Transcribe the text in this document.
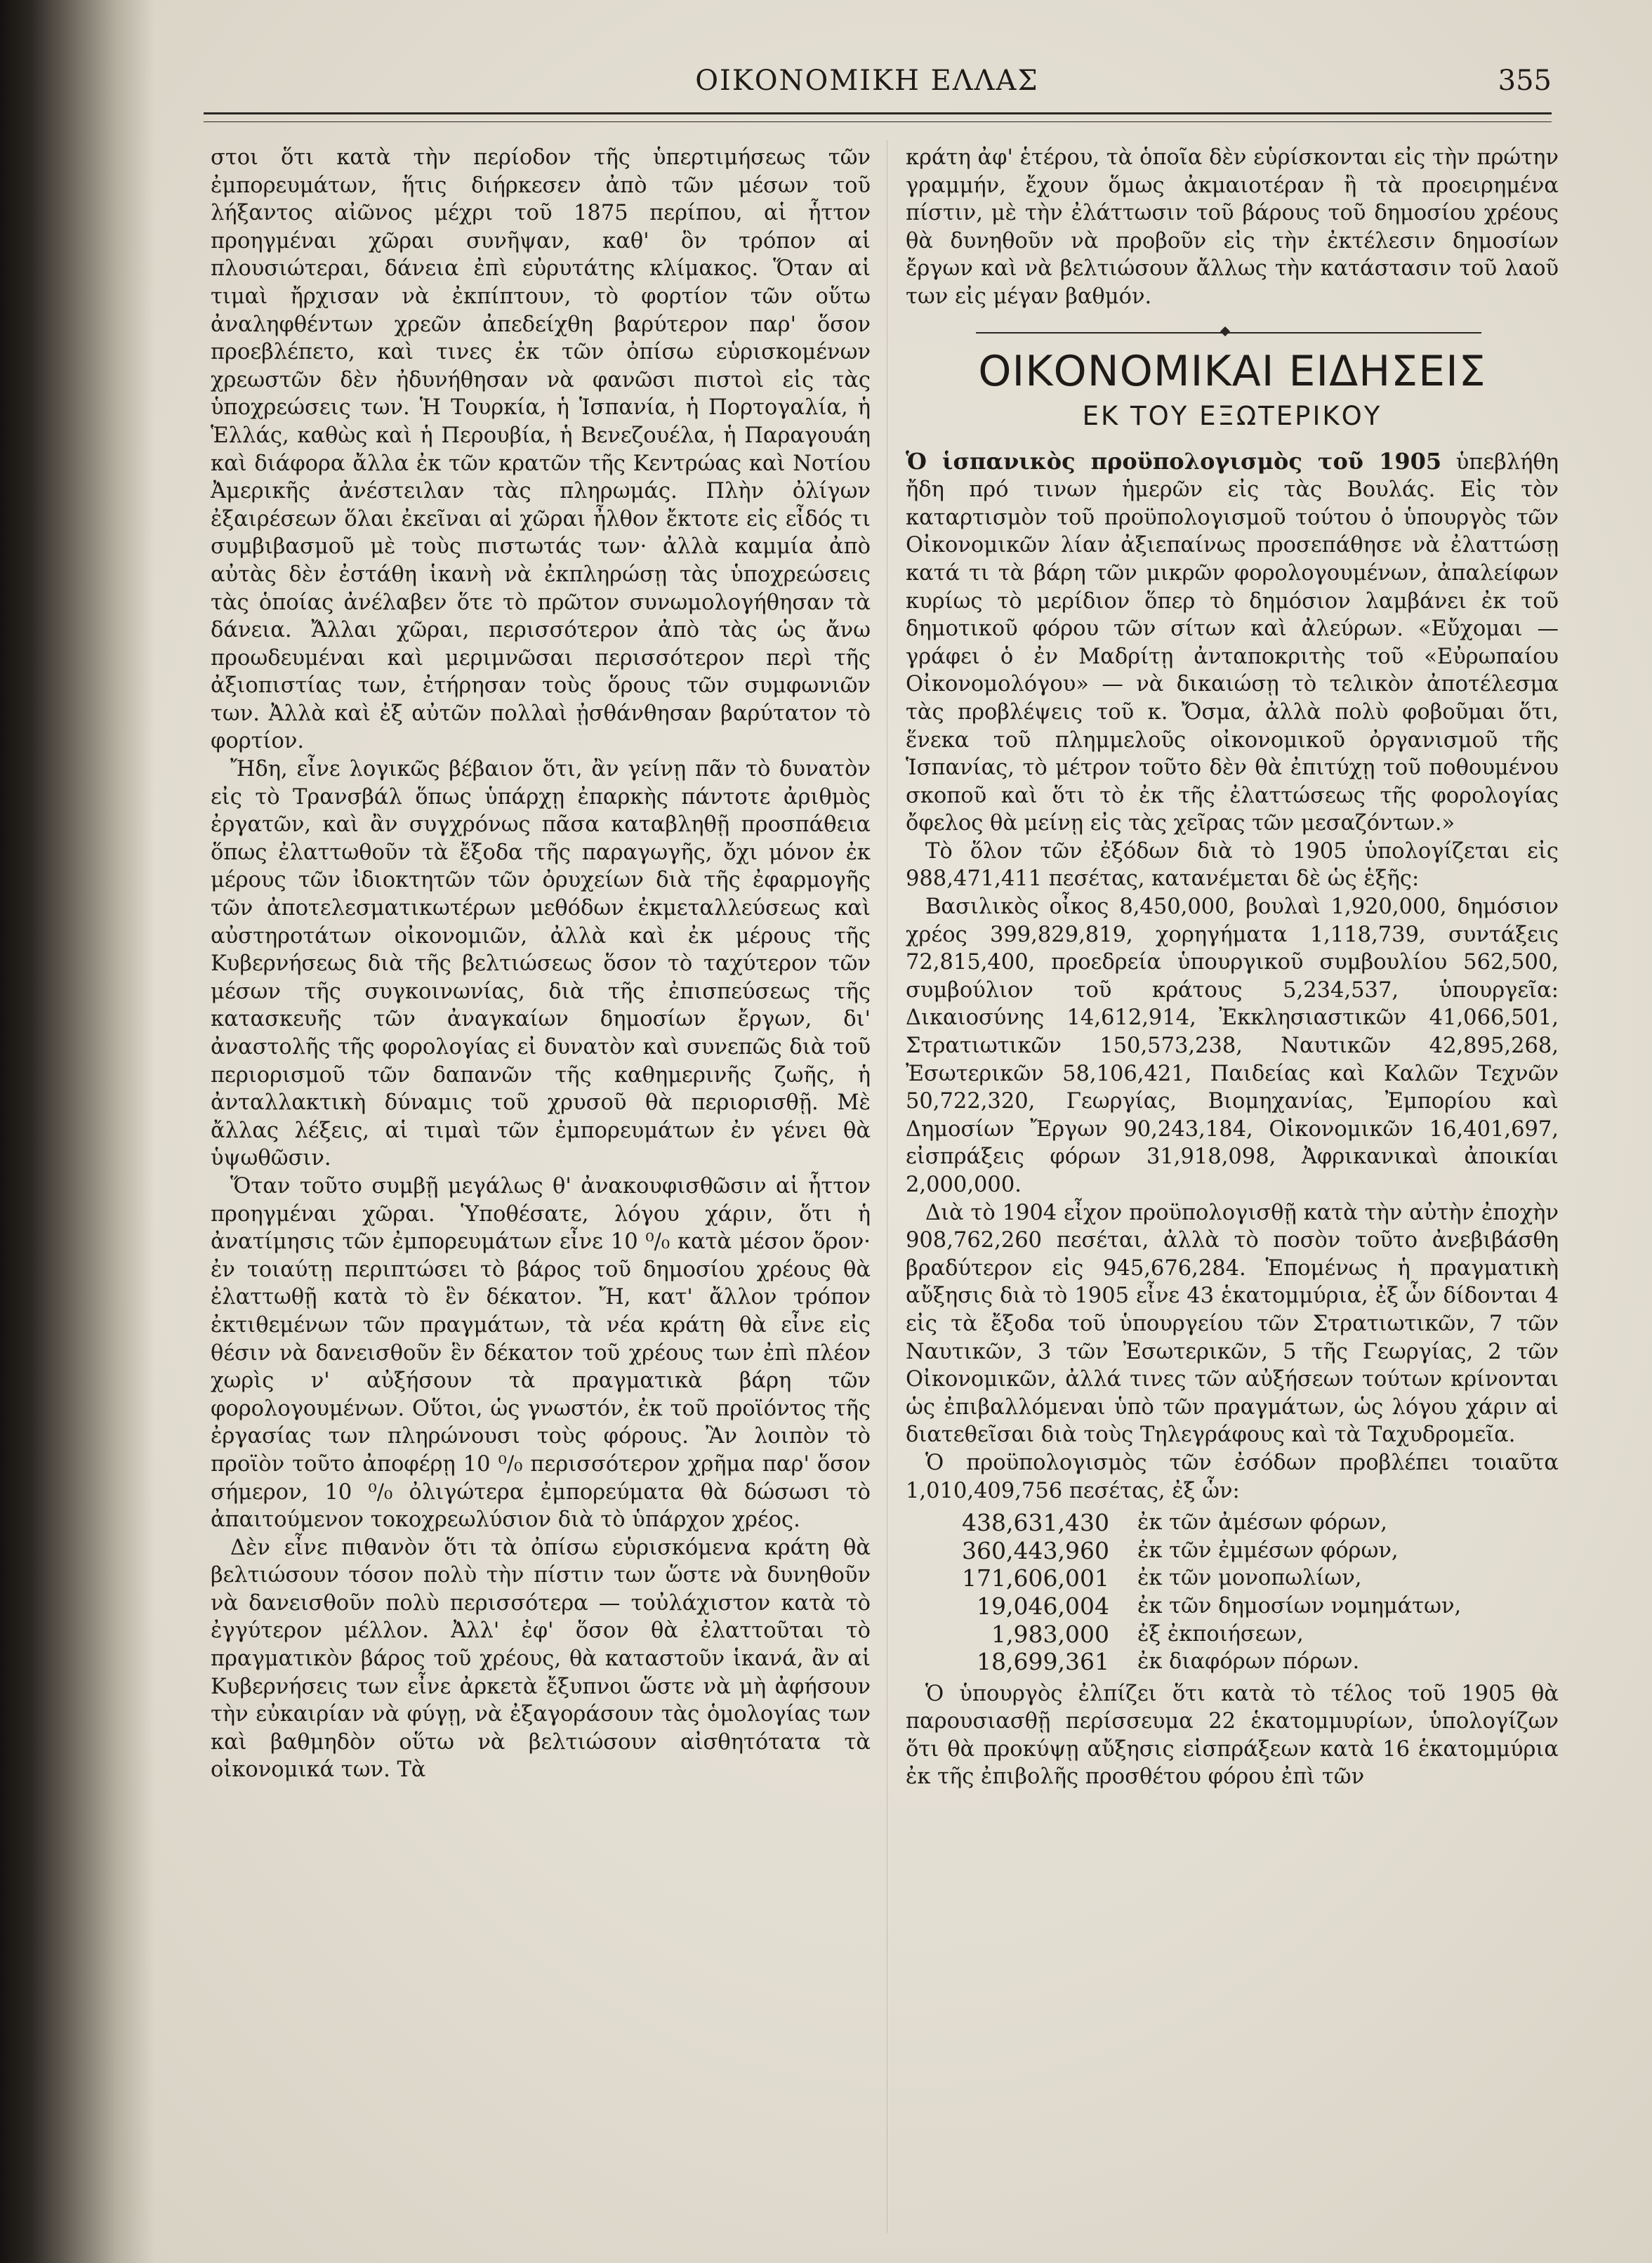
ΟΙΚΟΝΟΜΙΚΗ ΕΛΛΑΣ	355

στοι ὅτι κατὰ τὴν περίοδον τῆς ὑπερτιμήσεως τῶν ἐμπορευμάτων, ἥτις διήρκεσεν ἀπὸ τῶν μέσων τοῦ λήξαντος αἰῶνος μέχρι τοῦ 1875 περίπου, αἱ ἧττον προηγμέναι χῶραι συνῆψαν, καθ' ὃν τρόπον αἱ πλουσιώτεραι, δάνεια ἐπὶ εὐρυτάτης κλίμακος. Ὅταν αἱ τιμαὶ ἤρχισαν νὰ ἐκπίπτουν, τὸ φορτίον τῶν οὕτω ἀναληφθέντων χρεῶν ἀπεδείχθη βαρύτερον παρ' ὅσον προεβλέπετο, καὶ τινες ἐκ τῶν ὀπίσω εὑρισκομένων χρεωστῶν δὲν ἠδυνήθησαν νὰ φανῶσι πιστοὶ εἰς τὰς ὑποχρεώσεις των. Ἡ Τουρκία, ἡ Ἱσπανία, ἡ Πορτογαλία, ἡ Ἑλλάς, καθὼς καὶ ἡ Περουβία, ἡ Βενεζουέλα, ἡ Παραγουάη καὶ διάφορα ἄλλα ἐκ τῶν κρατῶν τῆς Κεντρώας καὶ Νοτίου Ἀμερικῆς ἀνέστειλαν τὰς πληρωμάς. Πλὴν ὀλίγων ἐξαιρέσεων ὅλαι ἐκεῖναι αἱ χῶραι ἦλθον ἔκτοτε εἰς εἶδός τι συμβιβασμοῦ μὲ τοὺς πιστωτάς των· ἀλλὰ καμμία ἀπὸ αὐτὰς δὲν ἐστάθη ἱκανὴ νὰ ἐκπληρώσῃ τὰς ὑποχρεώσεις τὰς ὁποίας ἀνέλαβεν ὅτε τὸ πρῶτον συνωμολογήθησαν τὰ δάνεια. Ἄλλαι χῶραι, περισσότερον ἀπὸ τὰς ὡς ἄνω προωδευμέναι καὶ μεριμνῶσαι περισσότερον περὶ τῆς ἀξιοπιστίας των, ἐτήρησαν τοὺς ὅρους τῶν συμφωνιῶν των. Ἀλλὰ καὶ ἐξ αὐτῶν πολλαὶ ᾐσθάνθησαν βαρύτατον τὸ φορτίον.

Ἤδη, εἶνε λογικῶς βέβαιον ὅτι, ἂν γείνῃ πᾶν τὸ δυνατὸν εἰς τὸ Τρανσβάλ ὅπως ὑπάρχῃ ἐπαρκὴς πάντοτε ἀριθμὸς ἐργατῶν, καὶ ἂν συγχρόνως πᾶσα καταβληθῇ προσπάθεια ὅπως ἐλαττωθοῦν τὰ ἔξοδα τῆς παραγωγῆς, ὄχι μόνον ἐκ μέρους τῶν ἰδιοκτητῶν τῶν ὀρυχείων διὰ τῆς ἐφαρμογῆς τῶν ἀποτελεσματικωτέρων μεθόδων ἐκμεταλλεύσεως καὶ αὐστηροτάτων οἰκονομιῶν, ἀλλὰ καὶ ἐκ μέρους τῆς Κυβερνήσεως διὰ τῆς βελτιώσεως ὅσον τὸ ταχύτερον τῶν μέσων τῆς συγκοινωνίας, διὰ τῆς ἐπισπεύσεως τῆς κατασκευῆς τῶν ἀναγκαίων δημοσίων ἔργων, δι' ἀναστολῆς τῆς φορολογίας εἰ δυνατὸν καὶ συνεπῶς διὰ τοῦ περιορισμοῦ τῶν δαπανῶν τῆς καθημερινῆς ζωῆς, ἡ ἀνταλλακτικὴ δύναμις τοῦ χρυσοῦ θὰ περιορισθῇ. Μὲ ἄλλας λέξεις, αἱ τιμαὶ τῶν ἐμπορευμάτων ἐν γένει θὰ ὑψωθῶσιν.

Ὅταν τοῦτο συμβῇ μεγάλως θ' ἀνακουφισθῶσιν αἱ ἧττον προηγμέναι χῶραι. Ὑποθέσατε, λόγου χάριν, ὅτι ἡ ἀνατίμησις τῶν ἐμπορευμάτων εἶνε 10 ⁰/₀ κατὰ μέσον ὅρον· ἐν τοιαύτῃ περιπτώσει τὸ βάρος τοῦ δημοσίου χρέους θὰ ἐλαττωθῇ κατὰ τὸ ἓν δέκατον. Ἤ, κατ' ἄλλον τρόπον ἐκτιθεμένων τῶν πραγμάτων, τὰ νέα κράτη θὰ εἶνε εἰς θέσιν νὰ δανεισθοῦν ἓν δέκατον τοῦ χρέους των ἐπὶ πλέον χωρὶς ν' αὐξήσουν τὰ πραγματικὰ βάρη τῶν φορολογουμένων. Οὕτοι, ὡς γνωστόν, ἐκ τοῦ προϊόντος τῆς ἐργασίας των πληρώνουσι τοὺς φόρους. Ἂν λοιπὸν τὸ προϊὸν τοῦτο ἀποφέρῃ 10 ⁰/₀ περισσότερον χρῆμα παρ' ὅσον σήμερον, 10 ⁰/₀ ὀλιγώτερα ἐμπορεύματα θὰ δώσωσι τὸ ἀπαιτούμενον τοκοχρεωλύσιον διὰ τὸ ὑπάρχον χρέος.

Δὲν εἶνε πιθανὸν ὅτι τὰ ὀπίσω εὑρισκόμενα κράτη θὰ βελτιώσουν τόσον πολὺ τὴν πίστιν των ὥστε νὰ δυνηθοῦν νὰ δανεισθοῦν πολὺ περισσότερα — τοὐλάχιστον κατὰ τὸ ἐγγύτερον μέλλον. Ἀλλ' ἐφ' ὅσον θὰ ἐλαττοῦται τὸ πραγματικὸν βάρος τοῦ χρέους, θὰ καταστοῦν ἱκανά, ἂν αἱ Κυβερνήσεις των εἶνε ἀρκετὰ ἔξυπνοι ὥστε νὰ μὴ ἀφήσουν τὴν εὐκαιρίαν νὰ φύγῃ, νὰ ἐξαγοράσουν τὰς ὁμολογίας των καὶ βαθμηδὸν οὕτω νὰ βελτιώσουν αἰσθητότατα τὰ οἰκονομικά των. Τὰ

κράτη ἀφ' ἑτέρου, τὰ ὁποῖα δὲν εὑρίσκονται εἰς τὴν πρώτην γραμμήν, ἔχουν ὅμως ἀκμαιοτέραν ἢ τὰ προειρημένα πίστιν, μὲ τὴν ἐλάττωσιν τοῦ βάρους τοῦ δημοσίου χρέους θὰ δυνηθοῦν νὰ προβοῦν εἰς τὴν ἐκτέλεσιν δημοσίων ἔργων καὶ νὰ βελτιώσουν ἄλλως τὴν κατάστασιν τοῦ λαοῦ των εἰς μέγαν βαθμόν.

ΟΙΚΟΝΟΜΙΚΑΙ ΕΙΔΗΣΕΙΣ
ΕΚ ΤΟΥ ΕΞΩΤΕΡΙΚΟΥ

Ὁ ἱσπανικὸς προϋπολογισμὸς τοῦ 1905 ὑπεβλήθη ἤδη πρό τινων ἡμερῶν εἰς τὰς Βουλάς. Εἰς τὸν καταρτισμὸν τοῦ προϋπολογισμοῦ τούτου ὁ ὑπουργὸς τῶν Οἰκονομικῶν λίαν ἀξιεπαίνως προσεπάθησε νὰ ἐλαττώσῃ κατά τι τὰ βάρη τῶν μικρῶν φορολογουμένων, ἀπαλείφων κυρίως τὸ μερίδιον ὅπερ τὸ δημόσιον λαμβάνει ἐκ τοῦ δημοτικοῦ φόρου τῶν σίτων καὶ ἀλεύρων. «Εὔχομαι — γράφει ὁ ἐν Μαδρίτῃ ἀνταποκριτὴς τοῦ «Εὐρωπαίου Οἰκονομολόγου» — νὰ δικαιώσῃ τὸ τελικὸν ἀποτέλεσμα τὰς προβλέψεις τοῦ κ. Ὄσμα, ἀλλὰ πολὺ φοβοῦμαι ὅτι, ἕνεκα τοῦ πλημμελοῦς οἰκονομικοῦ ὀργανισμοῦ τῆς Ἱσπανίας, τὸ μέτρον τοῦτο δὲν θὰ ἐπιτύχῃ τοῦ ποθουμένου σκοποῦ καὶ ὅτι τὸ ἐκ τῆς ἐλαττώσεως τῆς φορολογίας ὄφελος θὰ μείνῃ εἰς τὰς χεῖρας τῶν μεσαζόντων.»

Τὸ ὅλον τῶν ἐξόδων διὰ τὸ 1905 ὑπολογίζεται εἰς 988,471,411 πεσέτας, κατανέμεται δὲ ὡς ἑξῆς:

Βασιλικὸς οἶκος 8,450,000, βουλαὶ 1,920,000, δημόσιον χρέος 399,829,819, χορηγήματα 1,118,739, συντάξεις 72,815,400, προεδρεία ὑπουργικοῦ συμβουλίου 562,500, συμβούλιον τοῦ κράτους 5,234,537, ὑπουργεῖα: Δικαιοσύνης 14,612,914, Ἐκκλησιαστικῶν 41,066,501, Στρατιωτικῶν 150,573,238, Ναυτικῶν 42,895,268, Ἐσωτερικῶν 58,106,421, Παιδείας καὶ Καλῶν Τεχνῶν 50,722,320, Γεωργίας, Βιομηχανίας, Ἐμπορίου καὶ Δημοσίων Ἔργων 90,243,184, Οἰκονομικῶν 16,401,697, εἰσπράξεις φόρων 31,918,098, Ἀφρικανικαὶ ἀποικίαι 2,000,000.

Διὰ τὸ 1904 εἶχον προϋπολογισθῇ κατὰ τὴν αὐτὴν ἐποχὴν 908,762,260 πεσέται, ἀλλὰ τὸ ποσὸν τοῦτο ἀνεβιβάσθη βραδύτερον εἰς 945,676,284. Ἑπομένως ἡ πραγματικὴ αὔξησις διὰ τὸ 1905 εἶνε 43 ἑκατομμύρια, ἐξ ὧν δίδονται 4 εἰς τὰ ἔξοδα τοῦ ὑπουργείου τῶν Στρατιωτικῶν, 7 τῶν Ναυτικῶν, 3 τῶν Ἐσωτερικῶν, 5 τῆς Γεωργίας, 2 τῶν Οἰκονομικῶν, ἀλλά τινες τῶν αὐξήσεων τούτων κρίνονται ὡς ἐπιβαλλόμεναι ὑπὸ τῶν πραγμάτων, ὡς λόγου χάριν αἱ διατεθεῖσαι διὰ τοὺς Τηλεγράφους καὶ τὰ Ταχυδρομεῖα.

Ὁ προϋπολογισμὸς τῶν ἐσόδων προβλέπει τοιαῦτα 1,010,409,756 πεσέτας, ἐξ ὧν:

438,631,430	ἐκ τῶν ἀμέσων φόρων,
360,443,960	ἐκ τῶν ἐμμέσων φόρων,
171,606,001	ἐκ τῶν μονοπωλίων,
19,046,004	ἐκ τῶν δημοσίων νομημάτων,
1,983,000	ἐξ ἐκποιήσεων,
18,699,361	ἐκ διαφόρων πόρων.

Ὁ ὑπουργὸς ἐλπίζει ὅτι κατὰ τὸ τέλος τοῦ 1905 θὰ παρουσιασθῇ περίσσευμα 22 ἑκατομμυρίων, ὑπολογίζων ὅτι θὰ προκύψῃ αὔξησις εἰσπράξεων κατὰ 16 ἑκατομμύρια ἐκ τῆς ἐπιβολῆς προσθέτου φόρου ἐπὶ τῶν
